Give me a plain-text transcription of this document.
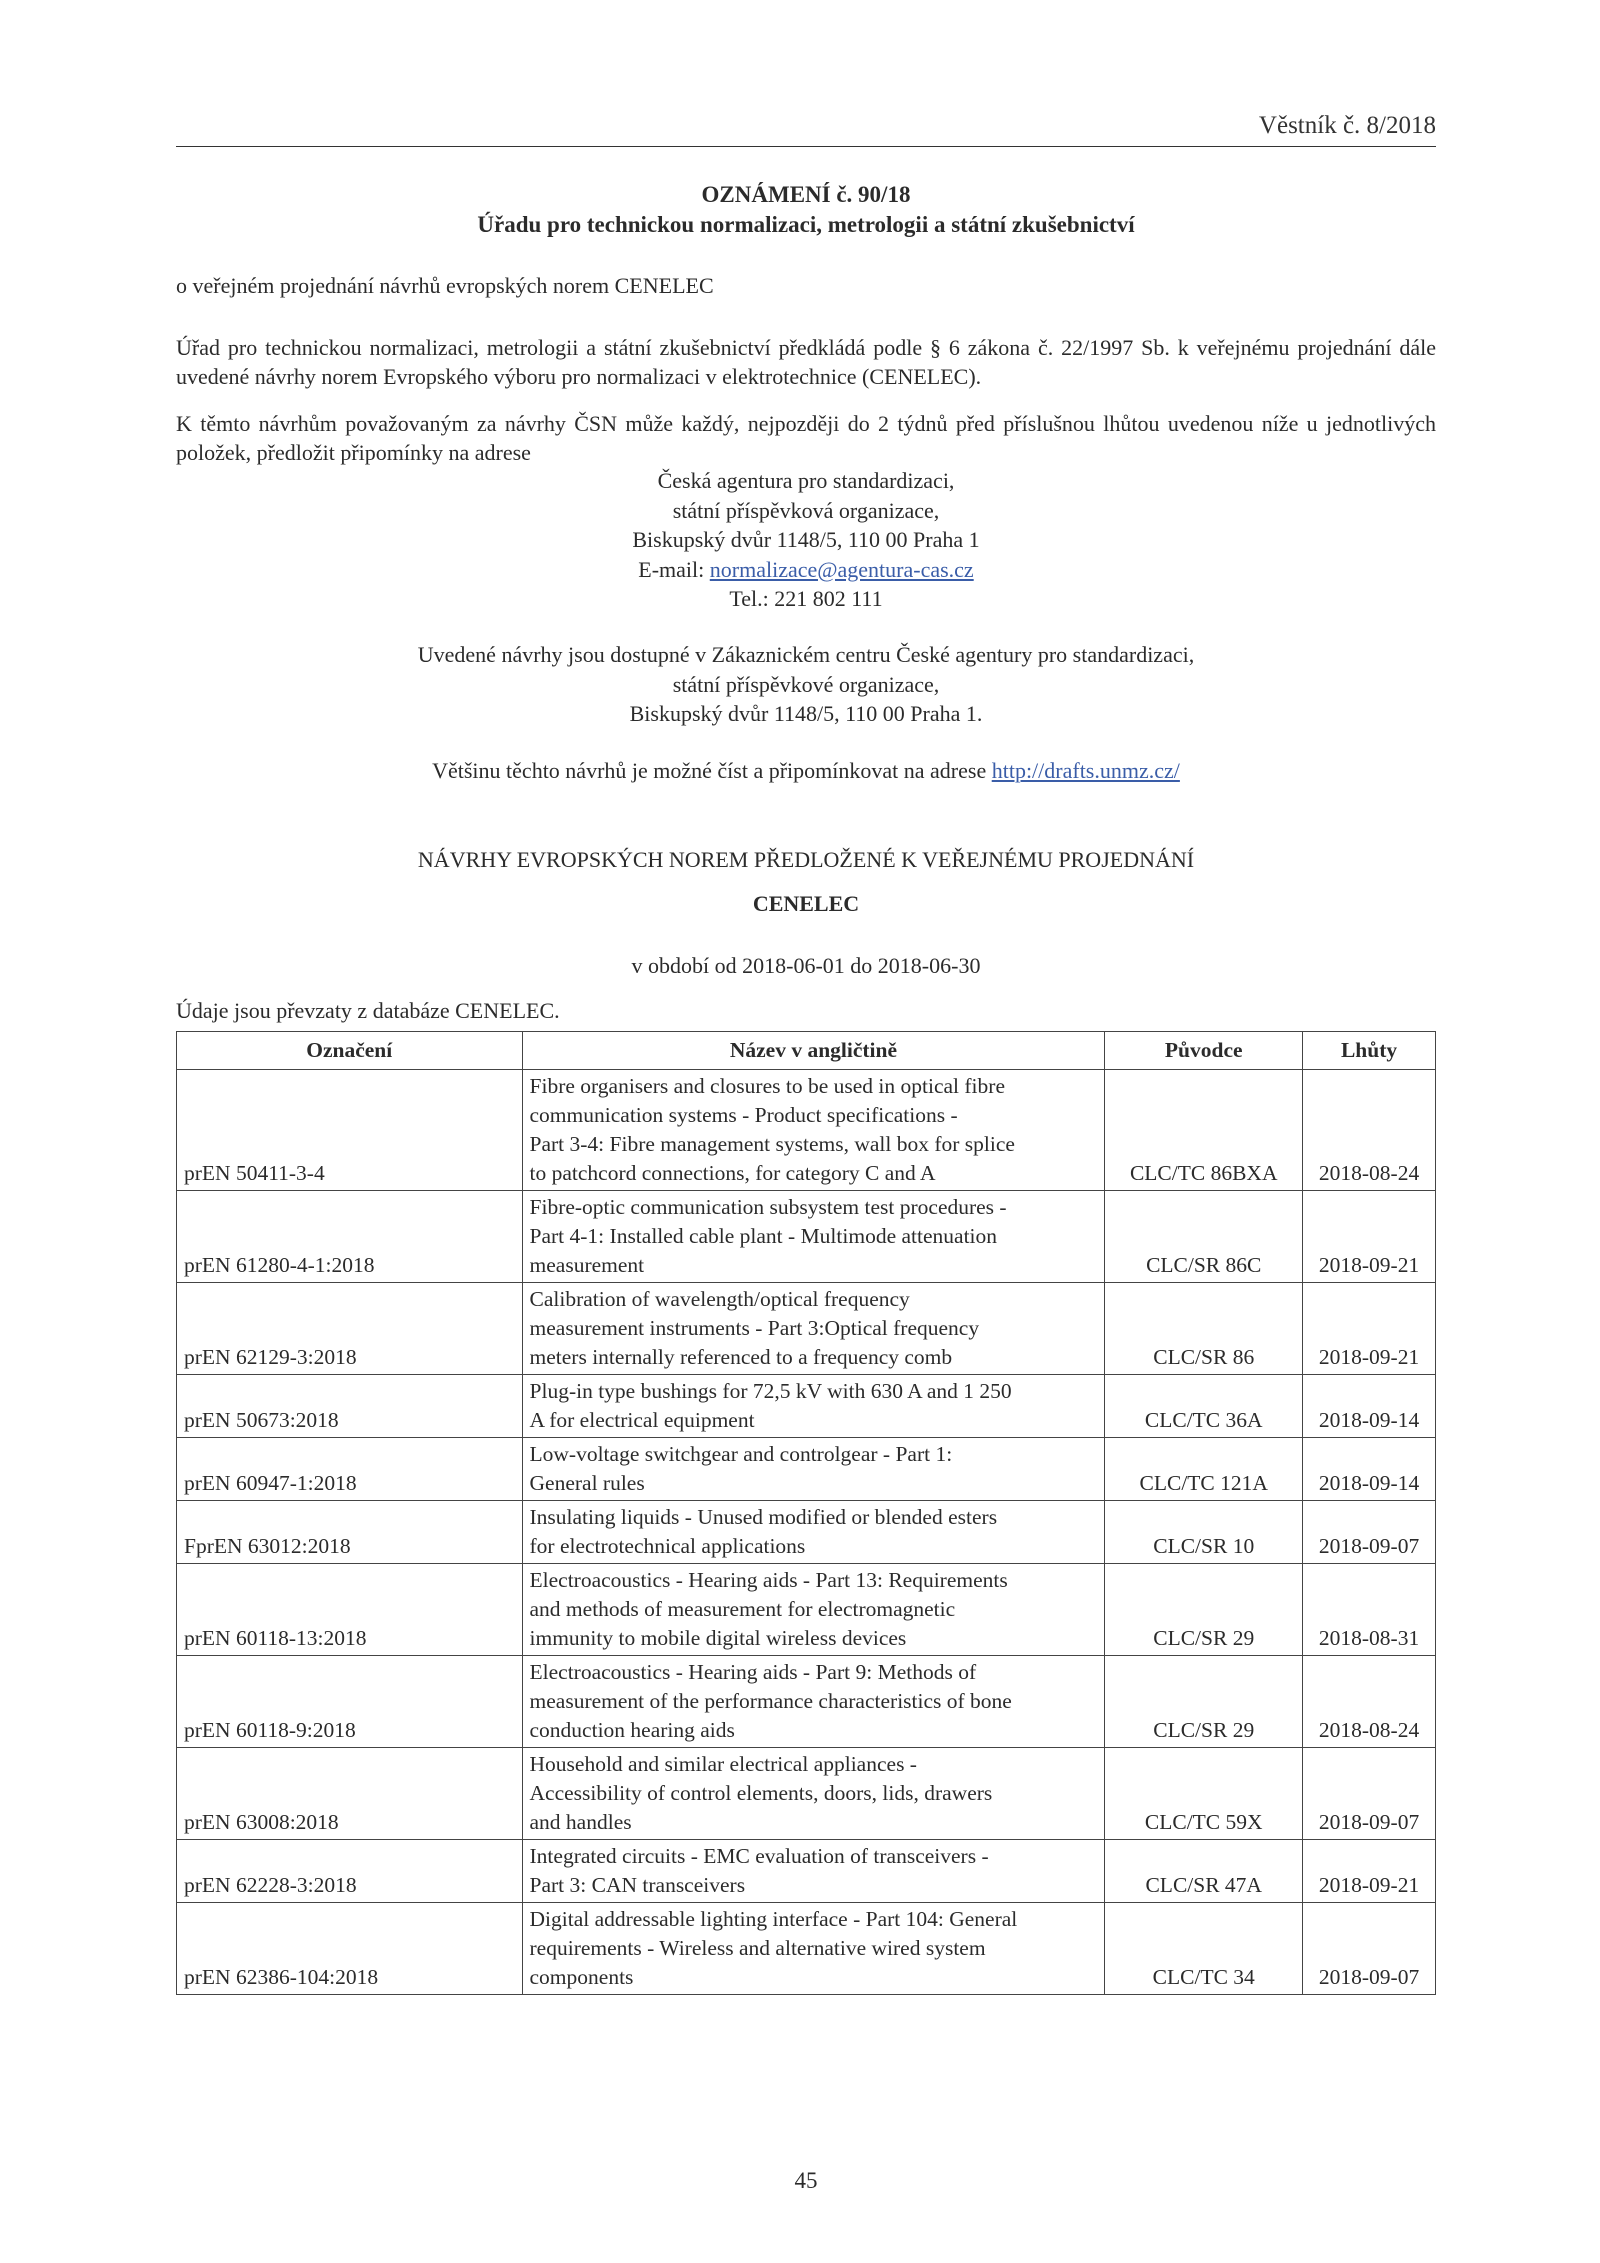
Věstník č. 8/2018
OZNÁMENÍ č. 90/18
Úřadu pro technickou normalizaci, metrologii a státní zkušebnictví
o veřejném projednání návrhů evropských norem CENELEC
Úřad pro technickou normalizaci, metrologii a státní zkušebnictví předkládá podle § 6 zákona č. 22/1997 Sb. k veřejnému projednání dále uvedené návrhy norem Evropského výboru pro normalizaci v elektrotechnice (CENELEC).
K těmto návrhům považovaným za návrhy ČSN může každý, nejpozději do 2 týdnů před příslušnou lhůtou uvedenou níže u jednotlivých položek, předložit připomínky na adrese
Česká agentura pro standardizaci,
státní příspěvková organizace,
Biskupský dvůr 1148/5, 110 00 Praha 1
E-mail: normalizace@agentura-cas.cz
Tel.: 221 802 111
Uvedené návrhy jsou dostupné v Zákaznickém centru České agentury pro standardizaci,
státní příspěvkové organizace,
Biskupský dvůr 1148/5, 110 00 Praha 1.
Většinu těchto návrhů je možné číst a připomínkovat na adrese http://drafts.unmz.cz/
NÁVRHY EVROPSKÝCH NOREM PŘEDLOŽENÉ K VEŘEJNÉMU PROJEDNÁNÍ
CENELEC
v období od 2018-06-01 do 2018-06-30
Údaje jsou převzaty z databáze CENELEC.
Označení	Název v angličtině	Původce	Lhůty
prEN 50411-3-4	Fibre organisers and closures to be used in optical fibre
communication systems - Product specifications -
Part 3-4: Fibre management systems, wall box for splice
to patchcord connections, for category C and A	CLC/TC 86BXA	2018-08-24
prEN 61280-4-1:2018	Fibre-optic communication subsystem test procedures -
Part 4-1: Installed cable plant - Multimode attenuation
measurement	CLC/SR 86C	2018-09-21
prEN 62129-3:2018	Calibration of wavelength/optical frequency
measurement instruments - Part 3:Optical frequency
meters internally referenced to a frequency comb	CLC/SR 86	2018-09-21
prEN 50673:2018	Plug-in type bushings for 72,5 kV with 630 A and 1 250
A for electrical equipment	CLC/TC 36A	2018-09-14
prEN 60947-1:2018	Low-voltage switchgear and controlgear - Part 1:
General rules	CLC/TC 121A	2018-09-14
FprEN 63012:2018	Insulating liquids - Unused modified or blended esters
for electrotechnical applications	CLC/SR 10	2018-09-07
prEN 60118-13:2018	Electroacoustics - Hearing aids - Part 13: Requirements
and methods of measurement for electromagnetic
immunity to mobile digital wireless devices	CLC/SR 29	2018-08-31
prEN 60118-9:2018	Electroacoustics - Hearing aids - Part 9: Methods of
measurement of the performance characteristics of bone
conduction hearing aids	CLC/SR 29	2018-08-24
prEN 63008:2018	Household and similar electrical appliances -
Accessibility of control elements, doors, lids, drawers
and handles	CLC/TC 59X	2018-09-07
prEN 62228-3:2018	Integrated circuits - EMC evaluation of transceivers -
Part 3: CAN transceivers	CLC/SR 47A	2018-09-21
prEN 62386-104:2018	Digital addressable lighting interface - Part 104: General
requirements - Wireless and alternative wired system
components	CLC/TC 34	2018-09-07
45
